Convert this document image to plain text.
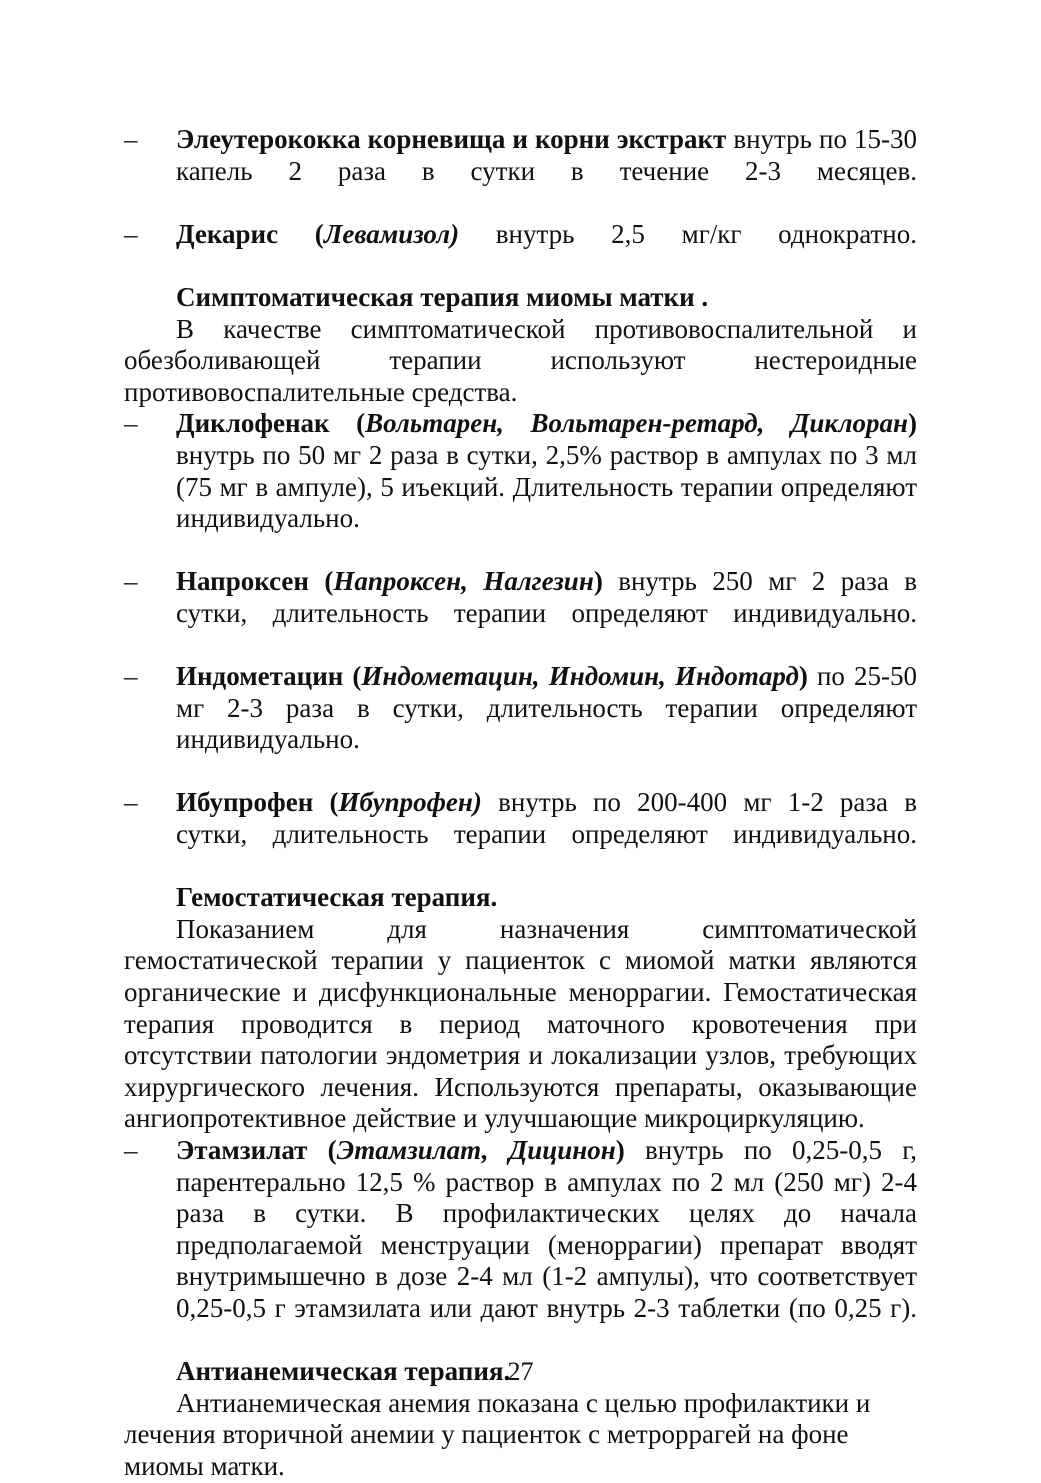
– Элеутерококка корневища и корни экстракт внутрь по 15-30 капель 2 раза в сутки в течение 2-3 месяцев.
– Декарис (Левамизол) внутрь 2,5 мг/кг однократно.
Симптоматическая терапия миомы матки .
В качестве симптоматической противовоспалительной и обезболивающей терапии используют нестероидные противовоспалительные средства.
– Диклофенак (Вольтарен, Вольтарен-ретард, Диклоран) внутрь по 50 мг 2 раза в сутки, 2,5% раствор в ампулах по 3 мл (75 мг в ампуле), 5 иъекций. Длительность терапии определяют индивидуально.
– Напроксен (Напроксен, Налгезин) внутрь 250 мг 2 раза в сутки, длительность терапии определяют индивидуально.
– Индометацин (Индометацин, Индомин, Индотард) по 25-50 мг 2-3 раза в сутки, длительность терапии определяют индивидуально.
– Ибупрофен (Ибупрофен) внутрь по 200-400 мг 1-2 раза в сутки, длительность терапии определяют индивидуально.
Гемостатическая терапия.
Показанием для назначения симптоматической гемостатической терапии у пациенток с миомой матки являются органические и дисфункциональные меноррагии. Гемостатическая терапия проводится в период маточного кровотечения при отсутствии патологии эндометрия и локализации узлов, требующих хирургического лечения. Используются препараты, оказывающие ангиопротективное действие и улучшающие микроциркуляцию.
– Этамзилат (Этамзилат, Дицинон) внутрь по 0,25-0,5 г, парентерально 12,5 % раствор в ампулах по 2 мл (250 мг) 2-4 раза в сутки. В профилактических целях до начала предполагаемой менструации (меноррагии) препарат вводят внутримышечно в дозе 2-4 мл (1-2 ампулы), что соответствует 0,25-0,5 г этамзилата или дают внутрь 2-3 таблетки (по 0,25 г).
Антианемическая терапия.
Антианемическая анемия показана с целью профилактики и
лечения вторичной анемии у пациенток с метроррагей на фоне
миомы матки.
27
